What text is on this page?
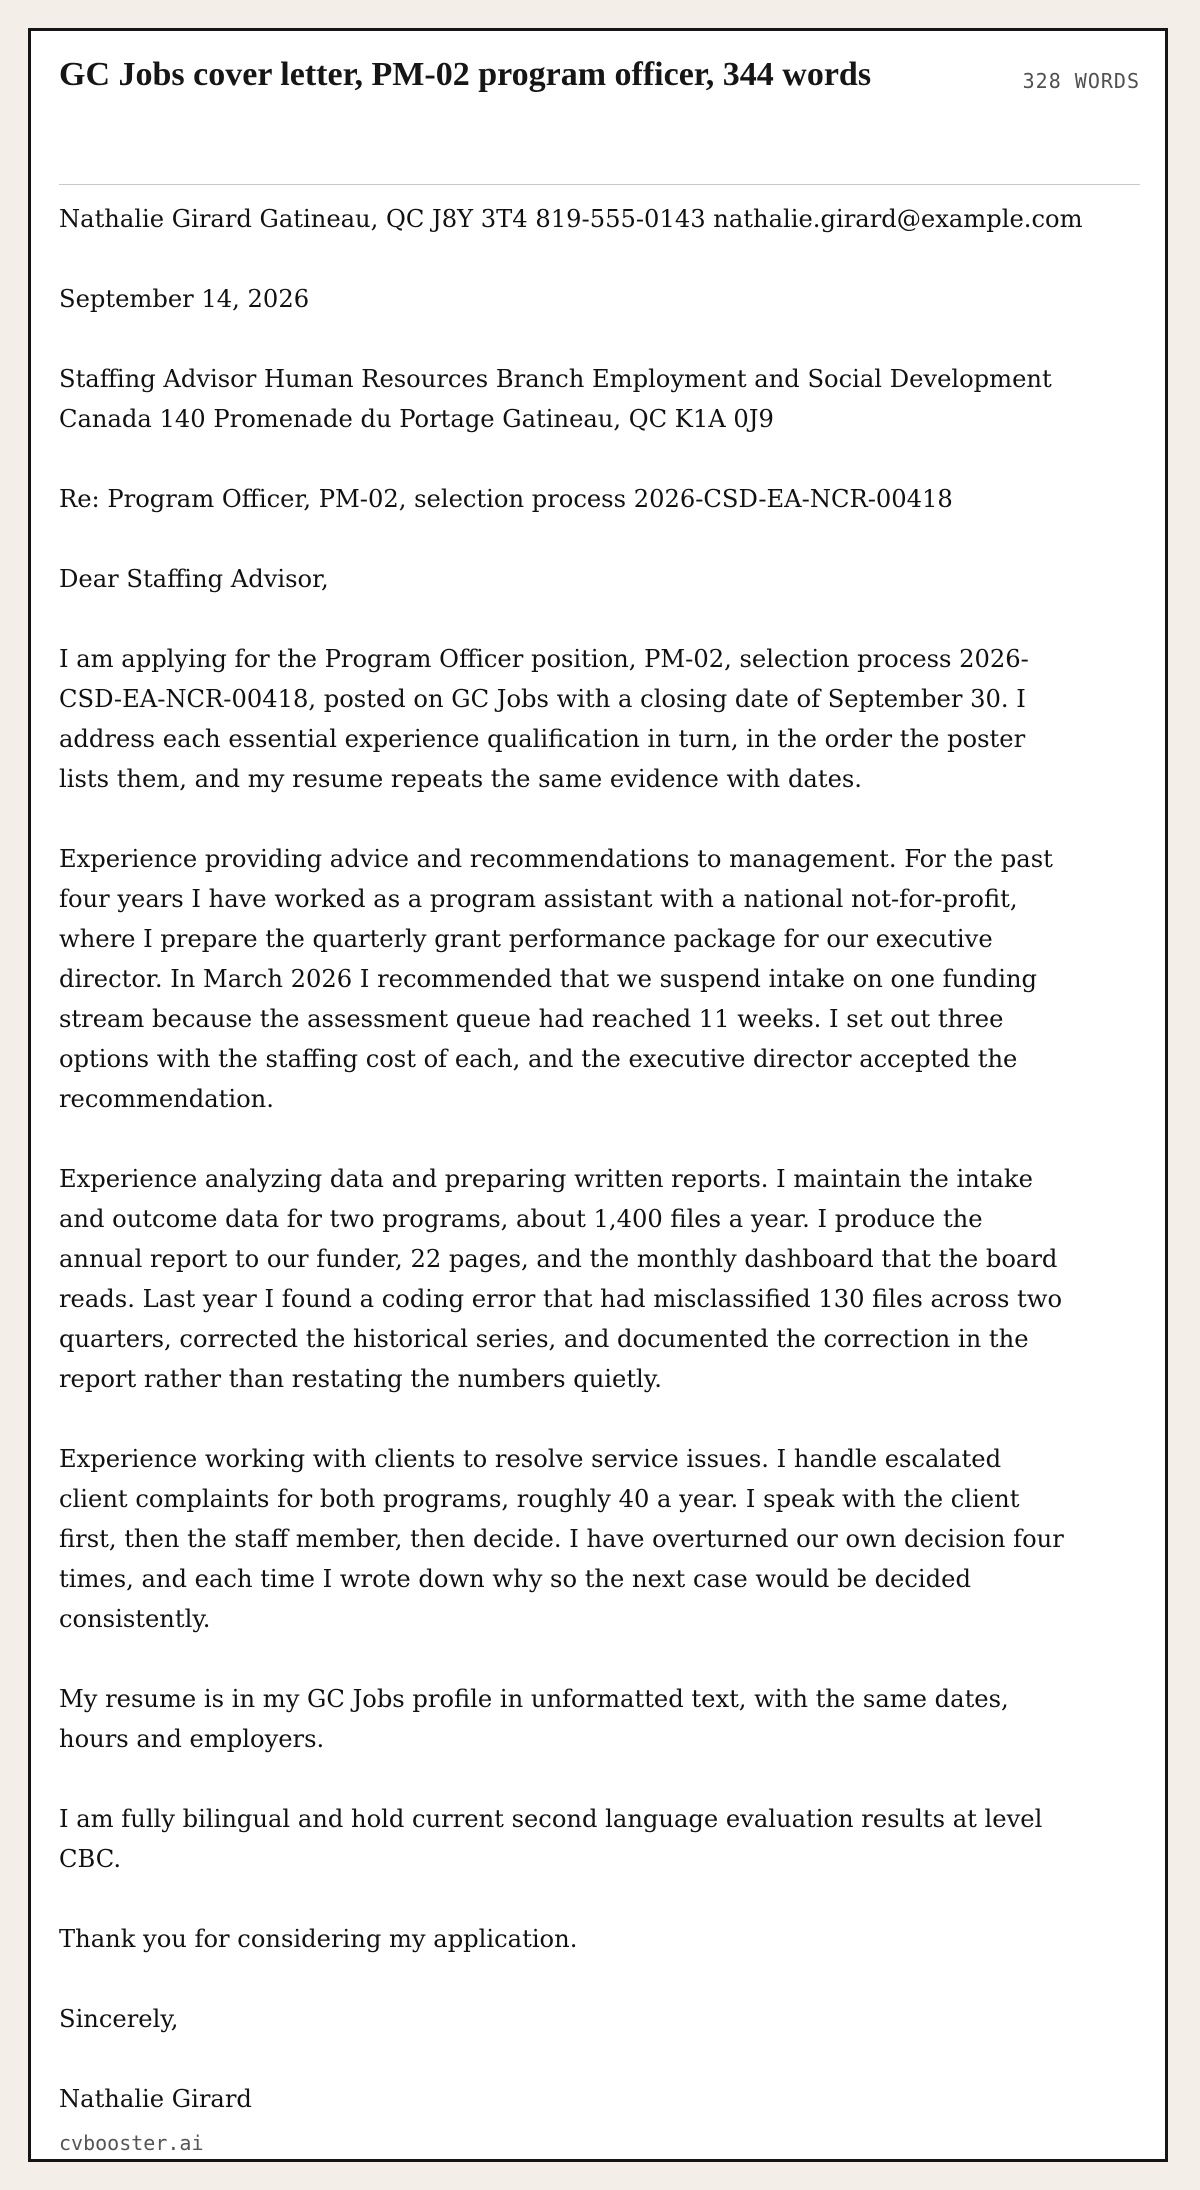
GC Jobs cover letter, PM-02 program officer, 344 words	328 WORDS

Nathalie Girard Gatineau, QC J8Y 3T4 819-555-0143 nathalie.girard@example.com

September 14, 2026

Staffing Advisor Human Resources Branch Employment and Social Development Canada 140 Promenade du Portage Gatineau, QC K1A 0J9

Re: Program Officer, PM-02, selection process 2026-CSD-EA-NCR-00418

Dear Staffing Advisor,

I am applying for the Program Officer position, PM-02, selection process 2026-CSD-EA-NCR-00418, posted on GC Jobs with a closing date of September 30. I address each essential experience qualification in turn, in the order the poster lists them, and my resume repeats the same evidence with dates.

Experience providing advice and recommendations to management. For the past four years I have worked as a program assistant with a national not-for-profit, where I prepare the quarterly grant performance package for our executive director. In March 2026 I recommended that we suspend intake on one funding stream because the assessment queue had reached 11 weeks. I set out three options with the staffing cost of each, and the executive director accepted the recommendation.

Experience analyzing data and preparing written reports. I maintain the intake and outcome data for two programs, about 1,400 files a year. I produce the annual report to our funder, 22 pages, and the monthly dashboard that the board reads. Last year I found a coding error that had misclassified 130 files across two quarters, corrected the historical series, and documented the correction in the report rather than restating the numbers quietly.

Experience working with clients to resolve service issues. I handle escalated client complaints for both programs, roughly 40 a year. I speak with the client first, then the staff member, then decide. I have overturned our own decision four times, and each time I wrote down why so the next case would be decided consistently.

My resume is in my GC Jobs profile in unformatted text, with the same dates, hours and employers.

I am fully bilingual and hold current second language evaluation results at level CBC.

Thank you for considering my application.

Sincerely,

Nathalie Girard

cvbooster.ai
